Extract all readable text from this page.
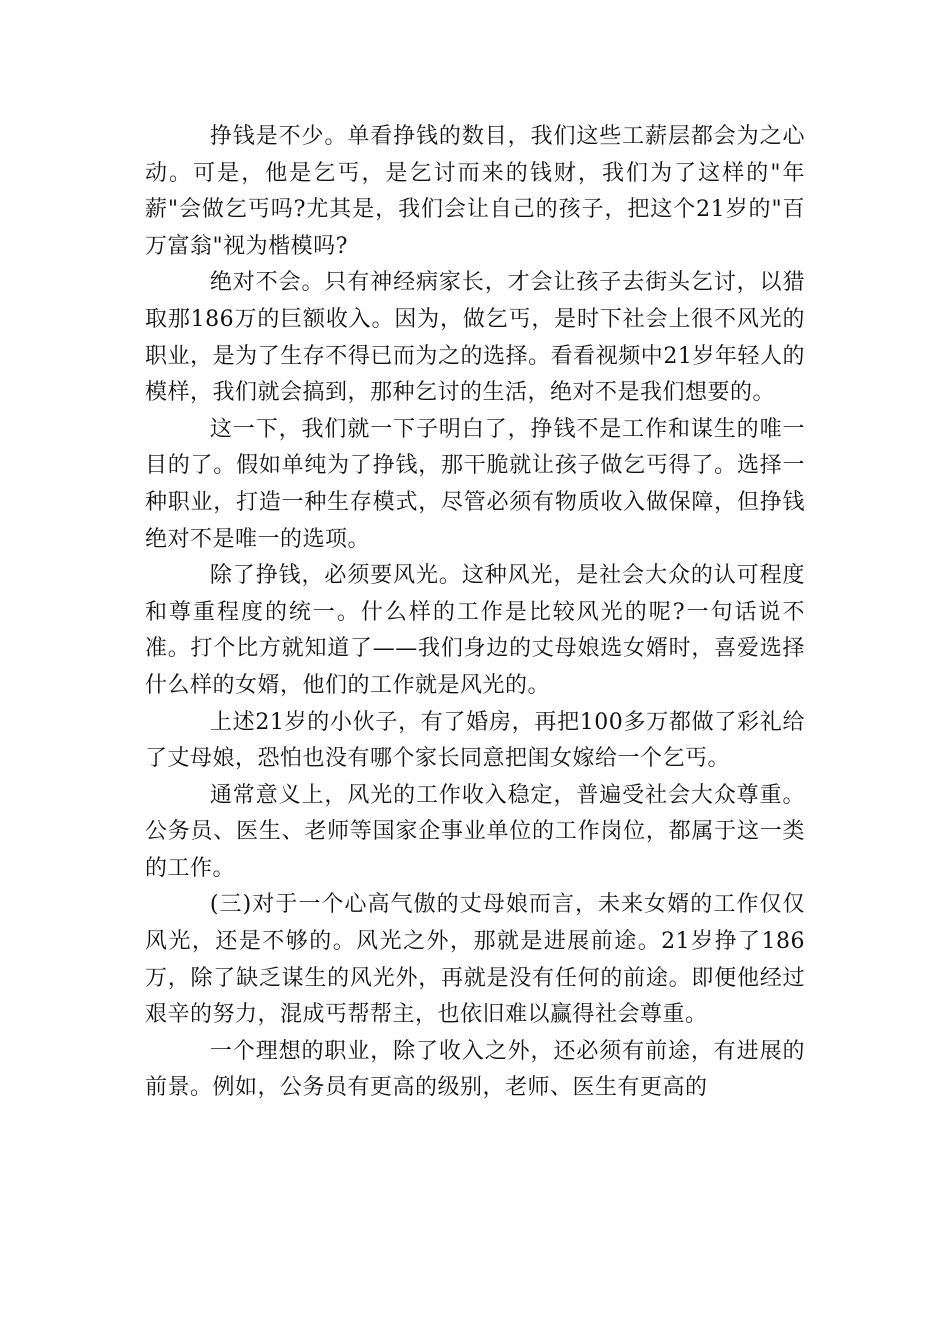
挣钱是不少。单看挣钱的数目，我们这些工薪层都会为之心动。可是，他是乞丐，是乞讨而来的钱财，我们为了这样的"年薪"会做乞丐吗?尤其是，我们会让自己的孩子，把这个21岁的"百万富翁"视为楷模吗?

绝对不会。只有神经病家长，才会让孩子去街头乞讨，以猎取那186万的巨额收入。因为，做乞丐，是时下社会上很不风光的职业，是为了生存不得已而为之的选择。看看视频中21岁年轻人的模样，我们就会搞到，那种乞讨的生活，绝对不是我们想要的。

这一下，我们就一下子明白了，挣钱不是工作和谋生的唯一目的了。假如单纯为了挣钱，那干脆就让孩子做乞丐得了。选择一种职业，打造一种生存模式，尽管必须有物质收入做保障，但挣钱绝对不是唯一的选项。

除了挣钱，必须要风光。这种风光，是社会大众的认可程度和尊重程度的统一。什么样的工作是比较风光的呢?一句话说不准。打个比方就知道了——我们身边的丈母娘选女婿时，喜爱选择什么样的女婿，他们的工作就是风光的。

上述21岁的小伙子，有了婚房，再把100多万都做了彩礼给了丈母娘，恐怕也没有哪个家长同意把闺女嫁给一个乞丐。

通常意义上，风光的工作收入稳定，普遍受社会大众尊重。公务员、医生、老师等国家企事业单位的工作岗位，都属于这一类的工作。

(三)对于一个心高气傲的丈母娘而言，未来女婿的工作仅仅风光，还是不够的。风光之外，那就是进展前途。21岁挣了186万，除了缺乏谋生的风光外，再就是没有任何的前途。即便他经过艰辛的努力，混成丐帮帮主，也依旧难以赢得社会尊重。

一个理想的职业，除了收入之外，还必须有前途，有进展的前景。例如，公务员有更高的级别，老师、医生有更高的
